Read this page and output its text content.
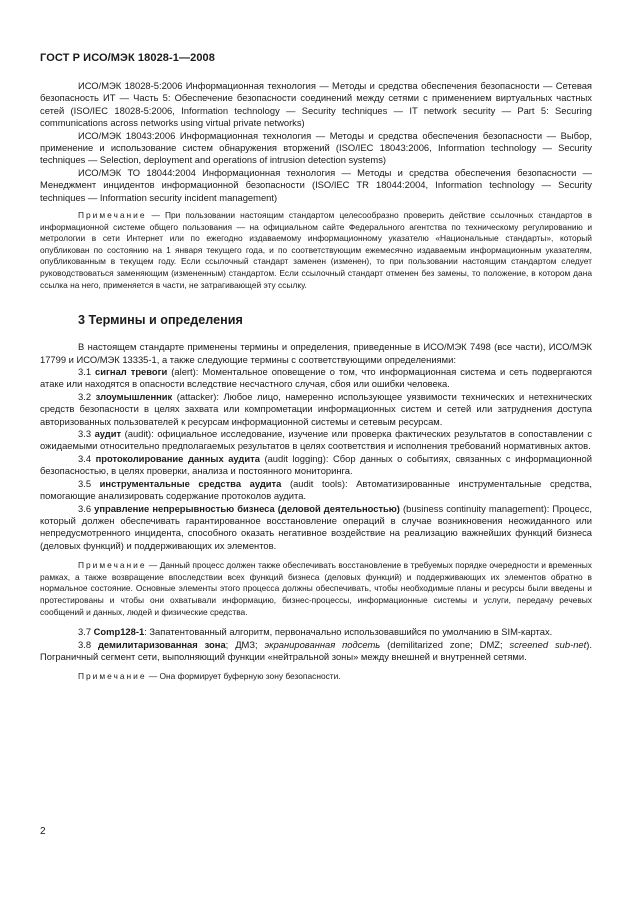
ГОСТ Р ИСО/МЭК 18028-1—2008

ИСО/МЭК 18028-5:2006 Информационная технология — Методы и средства обеспечения безопасности — Сетевая безопасность ИТ — Часть 5: Обеспечение безопасности соединений между сетями с применением виртуальных частных сетей (ISO/IEC 18028-5:2006, Information technology — Security techniques — IT network security — Part 5: Securing communications across networks using virtual private networks)

ИСО/МЭК 18043:2006 Информационная технология — Методы и средства обеспечения безопасности — Выбор, применение и использование систем обнаружения вторжений (ISO/IEC 18043:2006, Information technology — Security techniques — Selection, deployment and operations of intrusion detection systems)

ИСО/МЭК ТО 18044:2004 Информационная технология — Методы и средства обеспечения безопасности — Менеджмент инцидентов информационной безопасности (ISO/IEC TR 18044:2004, Information technology — Security techniques — Information security incident management)

Примечание — При пользовании настоящим стандартом целесообразно проверить действие ссылочных стандартов в информационной системе общего пользования — на официальном сайте Федерального агентства по техническому регулированию и метрологии в сети Интернет или по ежегодно издаваемому информационному указателю «Национальные стандарты», который опубликован по состоянию на 1 января текущего года, и по соответствующим ежемесячно издаваемым информационным указателям, опубликованным в текущем году. Если ссылочный стандарт заменен (изменен), то при пользовании настоящим стандартом следует руководствоваться заменяющим (измененным) стандартом. Если ссылочный стандарт отменен без замены, то положение, в котором дана ссылка на него, применяется в части, не затрагивающей эту ссылку.

3 Термины и определения

В настоящем стандарте применены термины и определения, приведенные в ИСО/МЭК 7498 (все части), ИСО/МЭК 17799 и ИСО/МЭК 13335-1, а также следующие термины с соответствующими определениями:

3.1 сигнал тревоги (alert): Моментальное оповещение о том, что информационная система и сеть подвергаются атаке или находятся в опасности вследствие несчастного случая, сбоя или ошибки человека.

3.2 злоумышленник (attacker): Любое лицо, намеренно использующее уязвимости технических и нетехнических средств безопасности в целях захвата или компрометации информационных систем и сетей или затруднения доступа авторизованных пользователей к ресурсам информационной системы и сетевым ресурсам.

3.3 аудит (audit): официальное исследование, изучение или проверка фактических результатов в сопоставлении с ожидаемыми относительно предполагаемых результатов в целях соответствия и исполнения требований нормативных актов.

3.4 протоколирование данных аудита (audit logging): Сбор данных о событиях, связанных с информационной безопасностью, в целях проверки, анализа и постоянного мониторинга.

3.5 инструментальные средства аудита (audit tools): Автоматизированные инструментальные средства, помогающие анализировать содержание протоколов аудита.

3.6 управление непрерывностью бизнеса (деловой деятельностью) (business continuity management): Процесс, который должен обеспечивать гарантированное восстановление операций в случае возникновения неожиданного или непредусмотренного инцидента, способного оказать негативное воздействие на реализацию важнейших функций бизнеса (деловых функций) и поддерживающих их элементов.

Примечание — Данный процесс должен также обеспечивать восстановление в требуемых порядке очередности и временных рамках, а также возвращение впоследствии всех функций бизнеса (деловых функций) и поддерживающих их элементов обратно в нормальное состояние. Основные элементы этого процесса должны обеспечивать, чтобы необходимые планы и ресурсы были введены и протестированы и чтобы они охватывали информацию, бизнес-процессы, информационные системы и услуги, передачу речевых сообщений и данных, людей и физические средства.

3.7 Comp128-1: Запатентованный алгоритм, первоначально использовавшийся по умолчанию в SIM-картах.

3.8 демилитаризованная зона; ДМЗ; экранированная подсеть (demilitarized zone; DMZ; screened sub-net). Пограничный сегмент сети, выполняющий функции «нейтральной зоны» между внешней и внутренней сетями.

Примечание — Она формирует буферную зону безопасности.

2
